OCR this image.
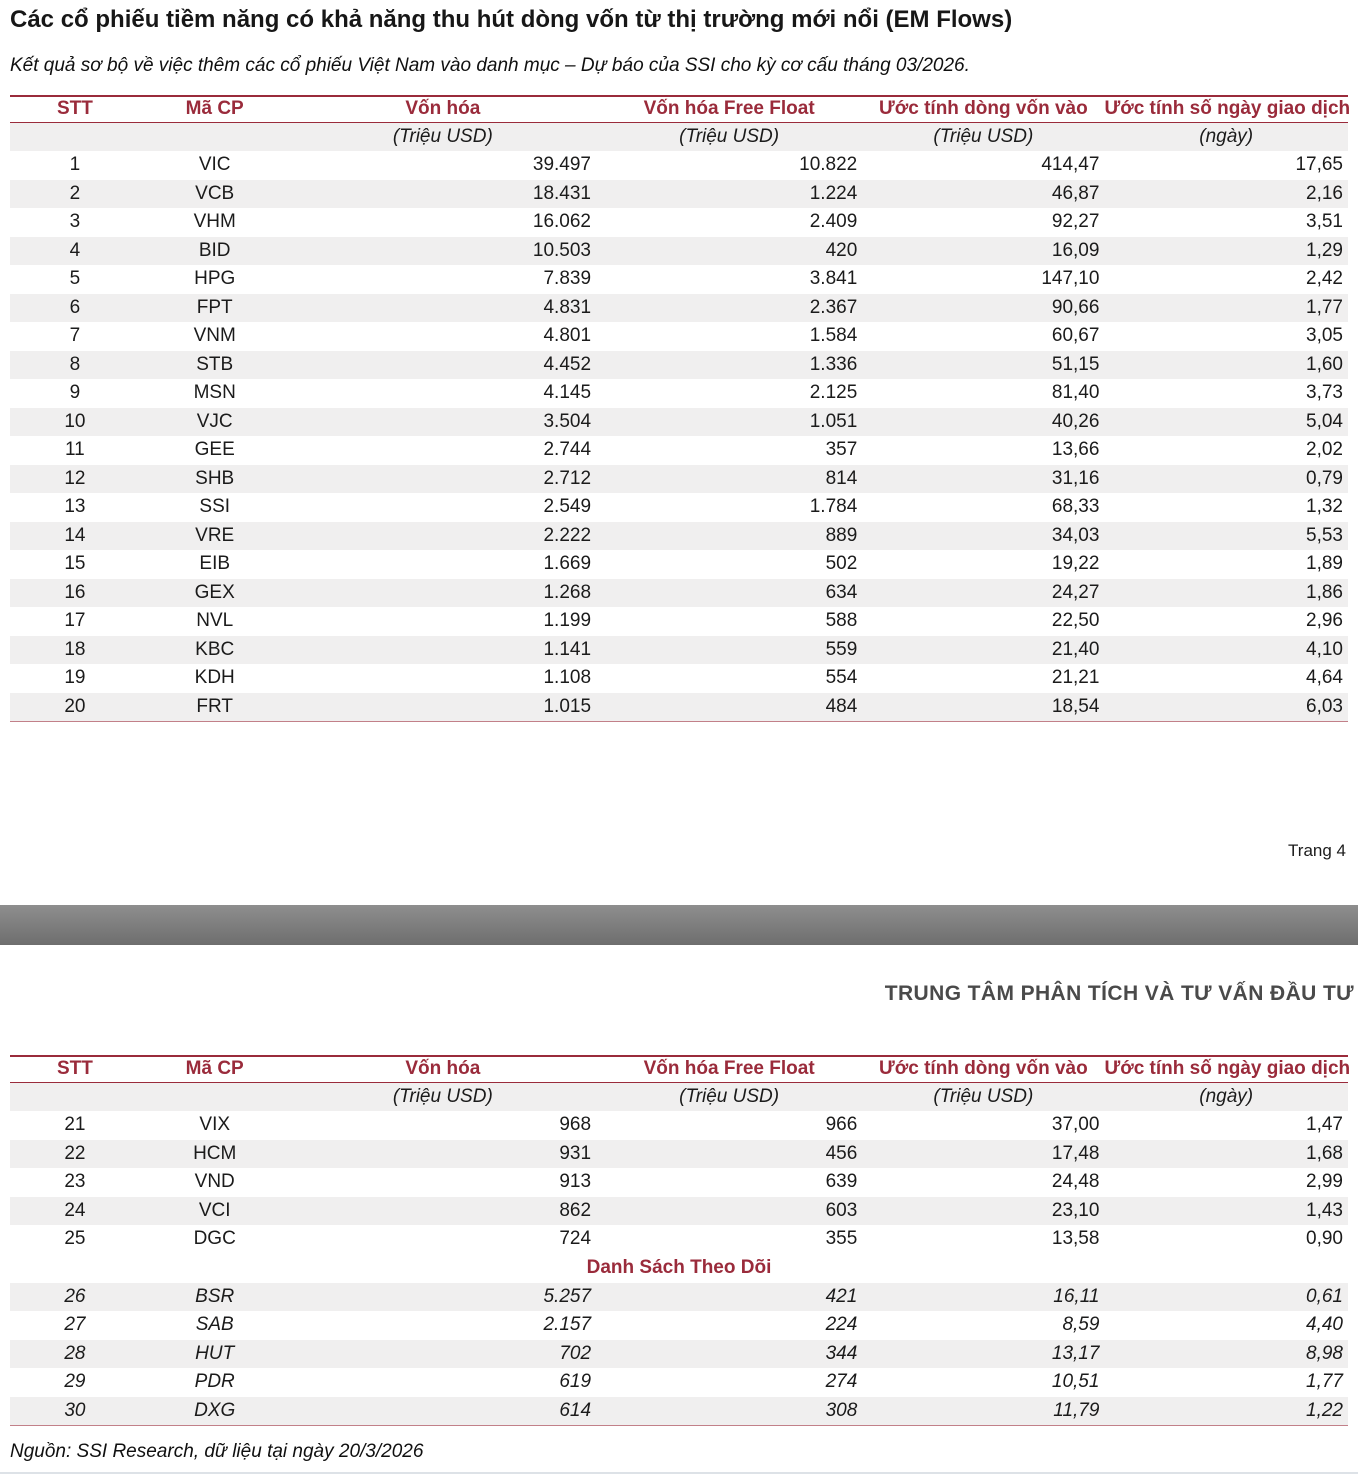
Các cổ phiếu tiềm năng có khả năng thu hút dòng vốn từ thị trường mới nổi (EM Flows)

Kết quả sơ bộ về việc thêm các cổ phiếu Việt Nam vào danh mục – Dự báo của SSI cho kỳ cơ cấu tháng 03/2026.

STT	Mã CP	Vốn hóa	Vốn hóa Free Float	Ước tính dòng vốn vào	Ước tính số ngày giao dịch
		(Triệu USD)	(Triệu USD)	(Triệu USD)	(ngày)
1	VIC	39.497	10.822	414,47	17,65
2	VCB	18.431	1.224	46,87	2,16
3	VHM	16.062	2.409	92,27	3,51
4	BID	10.503	420	16,09	1,29
5	HPG	7.839	3.841	147,10	2,42
6	FPT	4.831	2.367	90,66	1,77
7	VNM	4.801	1.584	60,67	3,05
8	STB	4.452	1.336	51,15	1,60
9	MSN	4.145	2.125	81,40	3,73
10	VJC	3.504	1.051	40,26	5,04
11	GEE	2.744	357	13,66	2,02
12	SHB	2.712	814	31,16	0,79
13	SSI	2.549	1.784	68,33	1,32
14	VRE	2.222	889	34,03	5,53
15	EIB	1.669	502	19,22	1,89
16	GEX	1.268	634	24,27	1,86
17	NVL	1.199	588	22,50	2,96
18	KBC	1.141	559	21,40	4,10
19	KDH	1.108	554	21,21	4,64
20	FRT	1.015	484	18,54	6,03
Trang 4
TRUNG TÂM PHÂN TÍCH VÀ TƯ VẤN ĐẦU TƯ
STT	Mã CP	Vốn hóa	Vốn hóa Free Float	Ước tính dòng vốn vào	Ước tính số ngày giao dịch
		(Triệu USD)	(Triệu USD)	(Triệu USD)	(ngày)
21	VIX	968	966	37,00	1,47
22	HCM	931	456	17,48	1,68
23	VND	913	639	24,48	2,99
24	VCI	862	603	23,10	1,43
25	DGC	724	355	13,58	0,90
Danh Sách Theo Dõi					
26	BSR	5.257	421	16,11	0,61
27	SAB	2.157	224	8,59	4,40
28	HUT	702	344	13,17	8,98
29	PDR	619	274	10,51	1,77
30	DXG	614	308	11,79	1,22

Nguồn: SSI Research, dữ liệu tại ngày 20/3/2026
